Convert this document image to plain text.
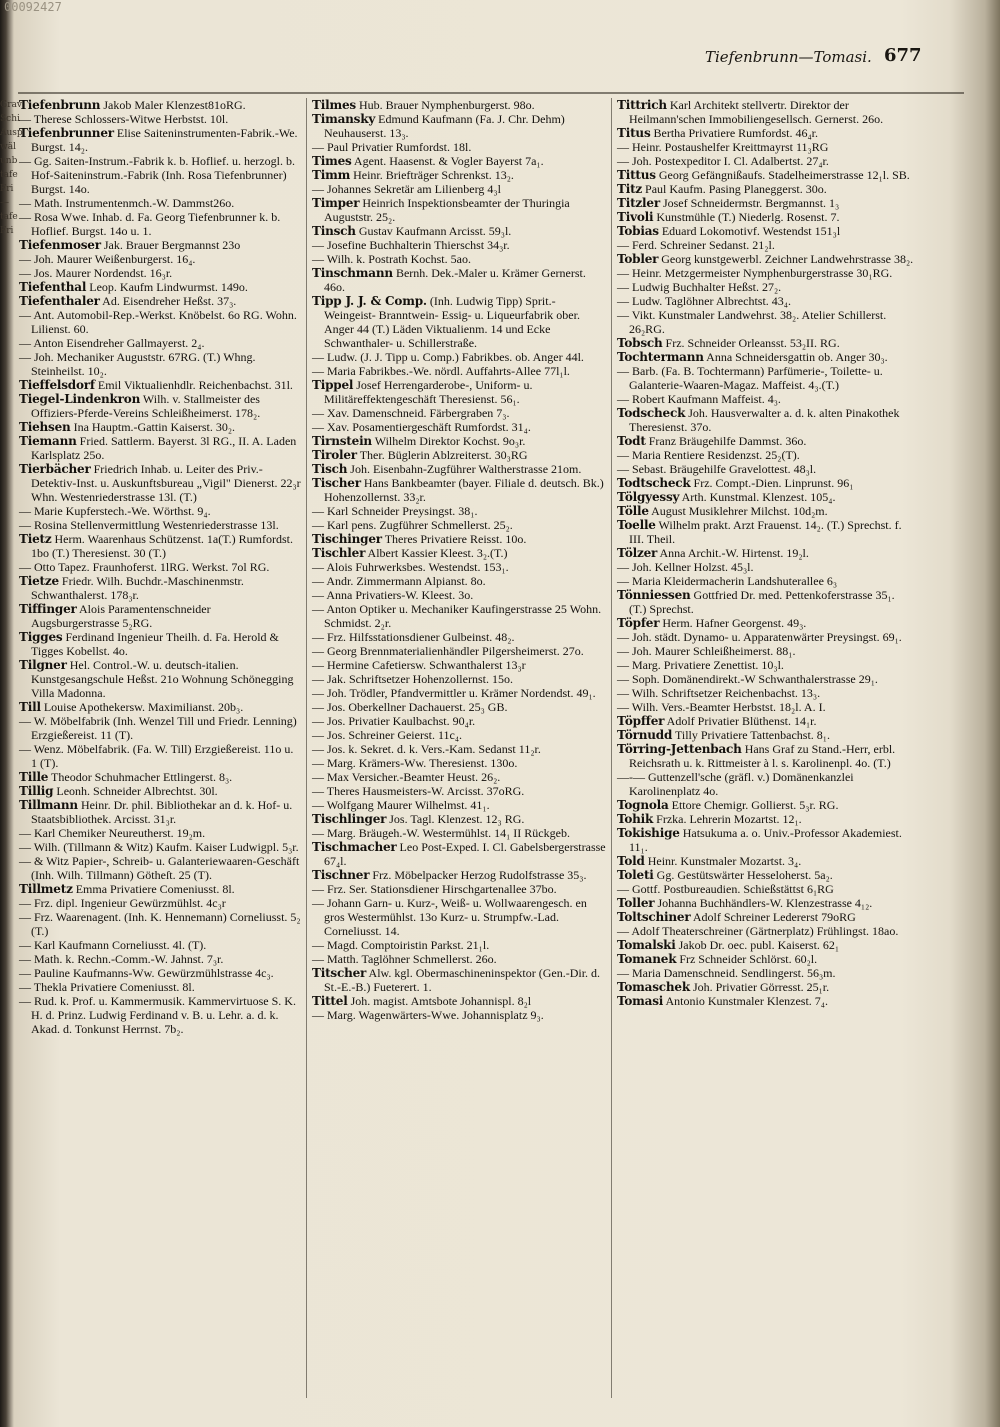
00092427
Grav
Schi
Ausp
wäl
unb
tafe
Fri
—
tafe
Fri
Tiefenbrunn—Tomasi. 677

Tiefenbrunn Jakob Maler Klenzest81oRG.

— Therese Schlossers-Witwe Herbstst. 10l.

Tiefenbrunner Elise Saiteninstrumenten-Fabrik.-We. Burgst. 14₂.

— Gg. Saiten-Instrum.-Fabrik k. b. Hoflief. u. herzogl. b. Hof-Saiteninstrum.-Fabrik (Inh. Rosa Tiefenbrunner) Burgst. 14o.

— Math. Instrumentenmch.-W. Dammst26o.

— Rosa Wwe. Inhab. d. Fa. Georg Tiefenbrunner k. b. Hoflief. Burgst. 14o u. 1.

Tiefenmoser Jak. Brauer Bergmannst 23o

— Joh. Maurer Weißenburgerst. 16₄.

— Jos. Maurer Nordendst. 16₃r.

Tiefenthal Leop. Kaufm Lindwurmst. 149o.

Tiefenthaler Ad. Eisendreher Heßst. 37₃.

— Ant. Automobil-Rep.-Werkst. Knöbelst. 6o RG. Wohn. Lilienst. 60.

— Anton Eisendreher Gallmayerst. 2₄.

— Joh. Mechaniker Auguststr. 67RG. (T.) Whng. Steinheilst. 10₂.

Tieffelsdorf Emil Viktualienhdlr. Reichenbachst. 31l.

Tiegel-Lindenkron Wilh. v. Stallmeister des Offiziers-Pferde-Vereins Schleißheimerst. 178₂.

Tiehsen Ina Hauptm.-Gattin Kaiserst. 30₂.

Tiemann Fried. Sattlerm. Bayerst. 3l RG., II. A. Laden Karlsplatz 25o.

Tierbächer Friedrich Inhab. u. Leiter des Priv.-Detektiv-Inst. u. Auskunftsbureau „Vigil" Dienerst. 22₃r Whn. Westenriederstrasse 13l. (T.)

— Marie Kupferstech.-We. Wörthst. 9₄.

— Rosina Stellenvermittlung Westenriederstrasse 13l.

Tietz Herm. Waarenhaus Schützenst. 1a(T.) Rumfordst. 1bo (T.) Theresienst. 30 (T.)

— Otto Tapez. Fraunhoferst. 1lRG. Werkst. 7ol RG.

Tietze Friedr. Wilh. Buchdr.-Maschinenmstr. Schwanthalerst. 178₃r.

Tiffinger Alois Paramentenschneider Augsburgerstrasse 5₂RG.

Tigges Ferdinand Ingenieur Theilh. d. Fa. Herold & Tigges Kobellst. 4o.

Tilgner Hel. Control.-W. u. deutsch-italien. Kunstgesangschule Heßst. 21o Wohnung Schönegging Villa Madonna.

Till Louise Apothekersw. Maximilianst. 20b₃.

— W. Möbelfabrik (Inh. Wenzel Till und Friedr. Lenning) Erzgießereist. 11 (T).

— Wenz. Möbelfabrik. (Fa. W. Till) Erzgießereist. 11o u. 1 (T).

Tille Theodor Schuhmacher Ettlingerst. 8₃.

Tillig Leonh. Schneider Albrechtst. 30l.

Tillmann Heinr. Dr. phil. Bibliothekar an d. k. Hof- u. Staatsbibliothek. Arcisst. 31₃r.

— Karl Chemiker Neureutherst. 19₂m.

— Wilh. (Tillmann & Witz) Kaufm. Kaiser Ludwigpl. 5₃r.

— & Witz Papier-, Schreib- u. Galanteriewaaren-Geschäft (Inh. Wilh. Tillmann) Götheſt. 25 (T).

Tillmetz Emma Privatiere Comeniusst. 8l.

— Frz. dipl. Ingenieur Gewürzmühlst. 4c₃r

— Frz. Waarenagent. (Inh. K. Hennemann) Corneliusst. 5₂ (T.)

— Karl Kaufmann Corneliusst. 4l. (T).

— Math. k. Rechn.-Comm.-W. Jahnst. 7₃r.

— Pauline Kaufmanns-Ww. Gewürzmühlstrasse 4c₃.

— Thekla Privatiere Comeniusst. 8l.

— Rud. k. Prof. u. Kammermusik. Kammervirtuose S. K. H. d. Prinz. Ludwig Ferdinand v. B. u. Lehr. a. d. k. Akad. d. Tonkunst Herrnst. 7b₂.

Tilmes Hub. Brauer Nymphenburgerst. 98o.

Timansky Edmund Kaufmann (Fa. J. Chr. Dehm) Neuhauserst. 13₃.

— Paul Privatier Rumfordst. 18l.

Times Agent. Haasenst. & Vogler Bayerst 7a₁.

Timm Heinr. Briefträger Schrenkst. 13₂.

— Johannes Sekretär am Lilienberg 4₃l

Timper Heinrich Inspektionsbeamter der Thuringia Auguststr. 25₂.

Tinsch Gustav Kaufmann Arcisst. 59₃l.

— Josefine Buchhalterin Thierschst 34₃r.

— Wilh. k. Postrath Kochst. 5ao.

Tinschmann Bernh. Dek.-Maler u. Krämer Gernerst. 46o.

Tipp J. J. & Comp. (Inh. Ludwig Tipp) Sprit.- Weingeist- Branntwein- Essig- u. Liqueurfabrik ober. Anger 44 (T.) Läden Viktualienm. 14 und Ecke Schwanthaler- u. Schillerstraße.

— Ludw. (J. J. Tipp u. Comp.) Fabrikbes. ob. Anger 44l.

— Maria Fabrikbes.-We. nördl. Auffahrts-Allee 77l₁l.

Tippel Josef Herrengarderobe-, Uniform- u. Militäreffektengeschäft Theresienst. 56₁.

— Xav. Damenschneid. Färbergraben 7₃.

— Xav. Posamentiergeschäft Rumfordst. 31₄.

Tirnstein Wilhelm Direktor Kochst. 9o₃r.

Tiroler Ther. Büglerin Ablzreiterst. 30₃RG

Tisch Joh. Eisenbahn-Zugführer Waltherstrasse 21om.

Tischer Hans Bankbeamter (bayer. Filiale d. deutsch. Bk.) Hohenzollernst. 33₂r.

— Karl Schneider Preysingst. 38₁.

— Karl pens. Zugführer Schmellerst. 25₂.

Tischinger Theres Privatiere Reisst. 10o.

Tischler Albert Kassier Kleest. 3₂.(T.)

— Alois Fuhrwerksbes. Westendst. 153₁.

— Andr. Zimmermann Alpianst. 8o.

— Anna Privatiers-W. Kleest. 3o.

— Anton Optiker u. Mechaniker Kaufingerstrasse 25 Wohn. Schmidst. 2₂r.

— Frz. Hilfsstationsdiener Gulbeinst. 48₂.

— Georg Brennmaterialienhändler Pilgersheimerst. 27o.

— Hermine Cafetiersw. Schwanthalerst 13₃r

— Jak. Schriftsetzer Hohenzollernst. 15o.

— Joh. Trödler, Pfandvermittler u. Krämer Nordendst. 49₁.

— Jos. Oberkellner Dachauerst. 25₃ GB.

— Jos. Privatier Kaulbachst. 90₄r.

— Jos. Schreiner Geierst. 11c₄.

— Jos. k. Sekret. d. k. Vers.-Kam. Sedanst 11₂r.

— Marg. Krämers-Ww. Theresienst. 130o.

— Max Versicher.-Beamter Heust. 26₂.

— Theres Hausmeisters-W. Arcisst. 37oRG.

— Wolfgang Maurer Wilhelmst. 41₁.

Tischlinger Jos. Tagl. Klenzest. 12₃ RG.

— Marg. Bräugeh.-W. Westermühlst. 14₁ II Rückgeb.

Tischmacher Leo Post-Exped. I. Cl. Gabelsbergerstrasse 67₄l.

Tischner Frz. Möbelpacker Herzog Rudolfstrasse 35₃.

— Frz. Ser. Stationsdiener Hirschgartenallee 37bo.

— Johann Garn- u. Kurz-, Weiß- u. Wollwaarengesch. en gros Westermühlst. 13o Kurz- u. Strumpfw.-Lad. Corneliusst. 14.

— Magd. Comptoiristin Parkst. 21₁l.

— Matth. Taglöhner Schmellerst. 26o.

Titscher Alw. kgl. Obermaschineninspektor (Gen.-Dir. d. St.-E.-B.) Fueterert. 1.

Tittel Joh. magist. Amtsbote Johannispl. 8₂l

— Marg. Wagenwärters-Wwe. Johannisplatz 9₃.

Tittrich Karl Architekt stellvertr. Direktor der Heilmann'schen Immobiliengesellsch. Gernerst. 26o.

Titus Bertha Privatiere Rumfordst. 46₄r.

— Heinr. Postaushelfer Kreittmayrst 11₃RG

— Joh. Postexpeditor I. Cl. Adalbertst. 27₄r.

Tittus Georg Gefängnißaufs. Stadelheimerstrasse 12₁l. SB.

Titz Paul Kaufm. Pasing Planeggerst. 30o.

Titzler Josef Schneidermstr. Bergmannst. 1₃

Tivoli Kunstmühle (T.) Niederlg. Rosenst. 7.

Tobias Eduard Lokomotivf. Westendst 151₃l

— Ferd. Schreiner Sedanst. 21₂l.

Tobler Georg kunstgewerbl. Zeichner Landwehrstrasse 38₂.

— Heinr. Metzgermeister Nymphenburgerstrasse 30₁RG.

— Ludwig Buchhalter Heßst. 27₂.

— Ludw. Taglöhner Albrechtst. 43₄.

— Vikt. Kunstmaler Landwehrst. 38₂. Atelier Schillerst. 26₂RG.

Tobsch Frz. Schneider Orleansst. 53₂II. RG.

Tochtermann Anna Schneidersgattin ob. Anger 30₃.

— Barb. (Fa. B. Tochtermann) Parfümerie-, Toilette- u. Galanterie-Waaren-Magaz. Maffeist. 4₃.(T.)

— Robert Kaufmann Maffeist. 4₃.

Todscheck Joh. Hausverwalter a. d. k. alten Pinakothek Theresienst. 37o.

Todt Franz Bräugehilfe Dammst. 36o.

— Maria Rentiere Residenzst. 25₂(T).

— Sebast. Bräugehilfe Gravelottest. 48₃l.

Todtscheck Frz. Compt.-Dien. Linprunst. 96₁

Tölgyessy Arth. Kunstmal. Klenzest. 105₄.

Tölle August Musiklehrer Milchst. 10d₂m.

Toelle Wilhelm prakt. Arzt Frauenst. 14₂. (T.) Sprechst. f. III. Theil.

Tölzer Anna Archit.-W. Hirtenst. 19₂l.

— Joh. Kellner Holzst. 45₃l.

— Maria Kleidermacherin Landshuterallee 6₃

Tönniessen Gottfried Dr. med. Pettenkoferstrasse 35₁. (T.) Sprechst.

Töpfer Herm. Hafner Georgenst. 49₃.

— Joh. städt. Dynamo- u. Apparatenwärter Preysingst. 69₁.

— Joh. Maurer Schleißheimerst. 88₁.

— Marg. Privatiere Zenettist. 10₃l.

— Soph. Domänendirekt.-W Schwanthalerstrasse 29₁.

— Wilh. Schriftsetzer Reichenbachst. 13₃.

— Wilh. Vers.-Beamter Herbstst. 18₂l. A. I.

Töpffer Adolf Privatier Blüthenst. 14₁r.

Törnudd Tilly Privatiere Tattenbachst. 8₁.

Törring-Jettenbach Hans Graf zu Stand.-Herr, erbl. Reichsrath u. k. Rittmeister à l. s. Karolinenpl. 4o. (T.)

—-— Guttenzell'sche (gräfl. v.) Domänenkanzlei Karolinenplatz 4o.

Tognola Ettore Chemigr. Gollierst. 5₃r. RG.

Tohik Frzka. Lehrerin Mozartst. 12₁.

Tokishige Hatsukuma a. o. Univ.-Professor Akademiest. 11₁.

Told Heinr. Kunstmaler Mozartst. 3₄.

Toleti Gg. Gestütswärter Hesseloherst. 5a₂.

— Gottf. Postbureaudien. Schießstättst 6₁RG

Toller Johanna Buchhändlers-W. Klenzestrasse 4₁₂.

Toltschiner Adolf Schreiner Ledererst 79oRG

— Adolf Theaterschreiner (Gärtnerplatz) Frühlingst. 18ao.

Tomalski Jakob Dr. oec. publ. Kaiserst. 62₁

Tomanek Frz Schneider Schlörst. 60₂l.

— Maria Damenschneid. Sendlingerst. 56₃m.

Tomaschek Joh. Privatier Görresst. 25₁r.

Tomasi Antonio Kunstmaler Klenzest. 7₄.
